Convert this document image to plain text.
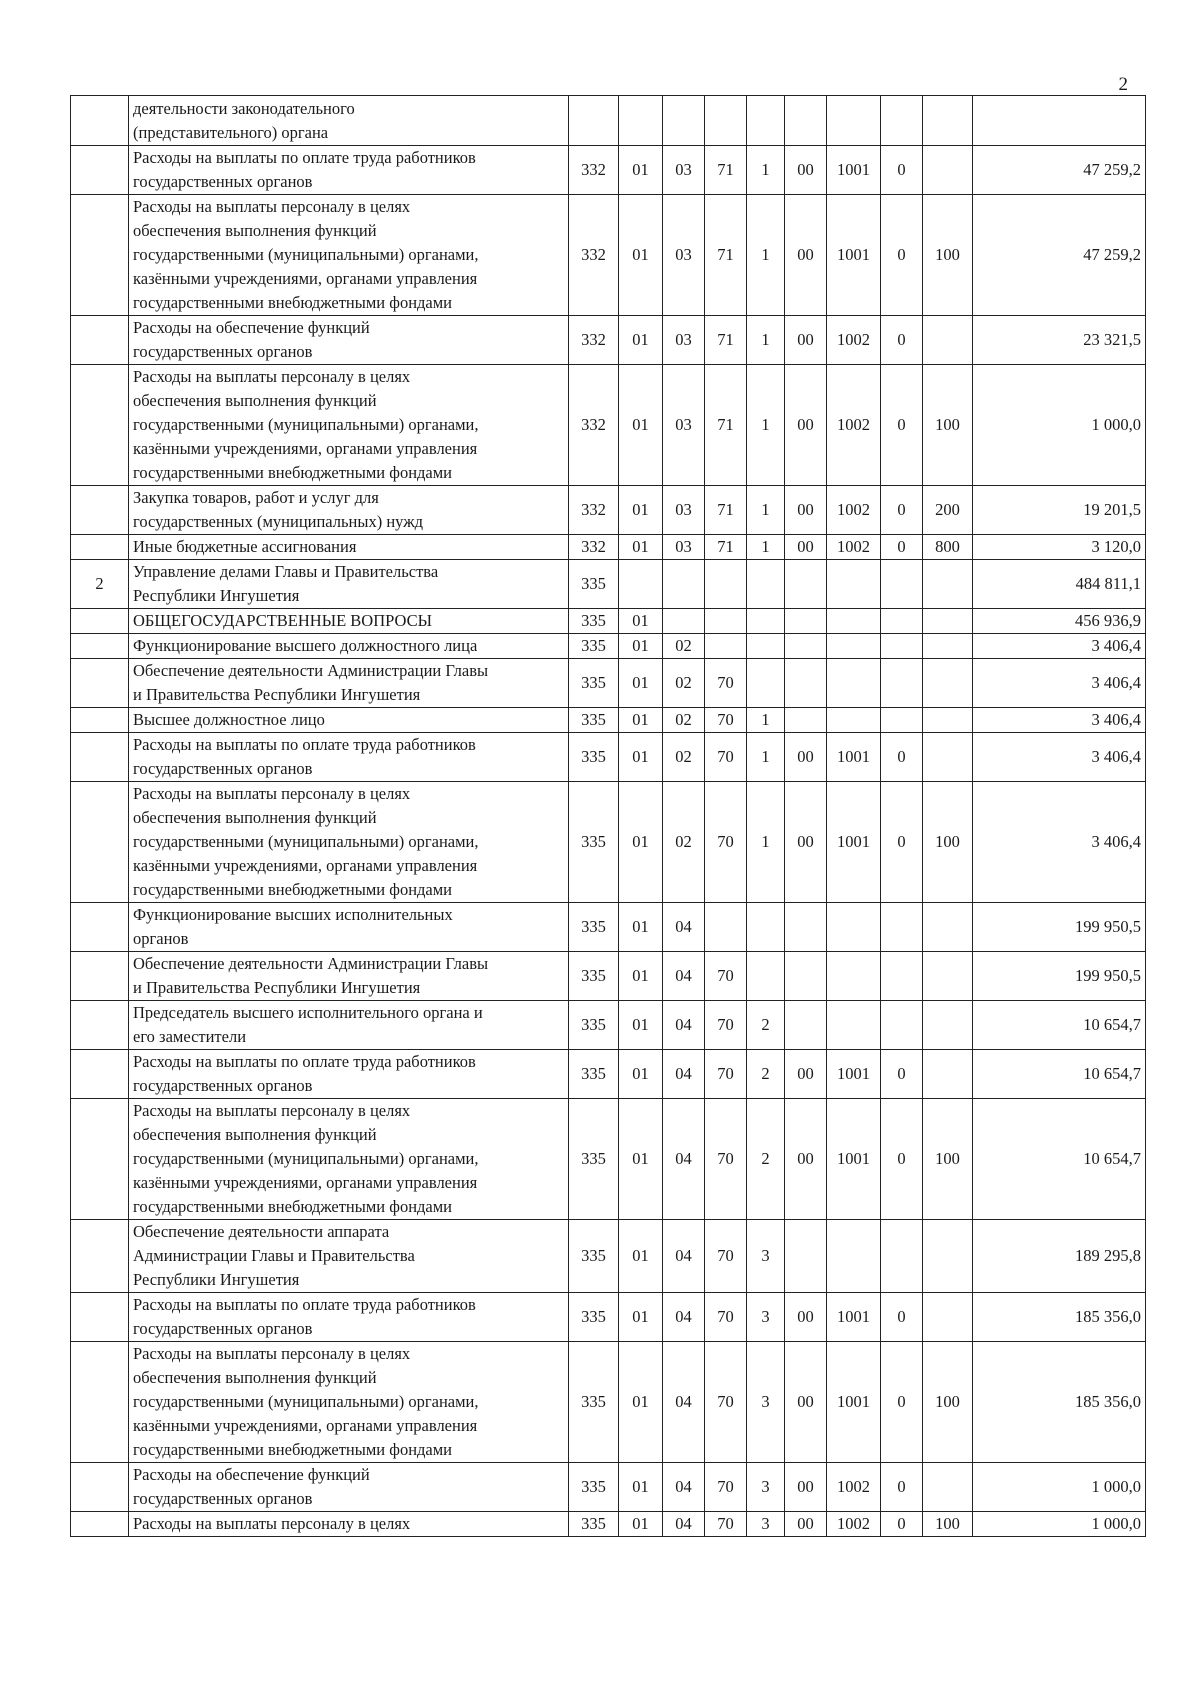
2
	деятельности законодательного
(представительного) органа										
	Расходы на выплаты по оплате труда работников
государственных органов	332	01	03	71	1	00	1001	0		47 259,2
	Расходы на выплаты персоналу в целях
обеспечения выполнения функций
государственными (муниципальными) органами,
казёнными учреждениями, органами управления
государственными внебюджетными фондами	332	01	03	71	1	00	1001	0	100	47 259,2
	Расходы на обеспечение функций
государственных органов	332	01	03	71	1	00	1002	0		23 321,5
	Расходы на выплаты персоналу в целях
обеспечения выполнения функций
государственными (муниципальными) органами,
казёнными учреждениями, органами управления
государственными внебюджетными фондами	332	01	03	71	1	00	1002	0	100	1 000,0
	Закупка товаров, работ и услуг для
государственных (муниципальных) нужд	332	01	03	71	1	00	1002	0	200	19 201,5
	Иные бюджетные ассигнования	332	01	03	71	1	00	1002	0	800	3 120,0
2	Управление делами Главы и Правительства
Республики Ингушетия	335									484 811,1
	ОБЩЕГОСУДАРСТВЕННЫЕ ВОПРОСЫ	335	01								456 936,9
	Функционирование высшего должностного лица	335	01	02							3 406,4
	Обеспечение деятельности Администрации Главы
и Правительства Республики Ингушетия	335	01	02	70						3 406,4
	Высшее должностное лицо	335	01	02	70	1					3 406,4
	Расходы на выплаты по оплате труда работников
государственных органов	335	01	02	70	1	00	1001	0		3 406,4
	Расходы на выплаты персоналу в целях
обеспечения выполнения функций
государственными (муниципальными) органами,
казёнными учреждениями, органами управления
государственными внебюджетными фондами	335	01	02	70	1	00	1001	0	100	3 406,4
	Функционирование высших исполнительных
органов	335	01	04							199 950,5
	Обеспечение деятельности Администрации Главы
и Правительства Республики Ингушетия	335	01	04	70						199 950,5
	Председатель высшего исполнительного органа и
его заместители	335	01	04	70	2					10 654,7
	Расходы на выплаты по оплате труда работников
государственных органов	335	01	04	70	2	00	1001	0		10 654,7
	Расходы на выплаты персоналу в целях
обеспечения выполнения функций
государственными (муниципальными) органами,
казёнными учреждениями, органами управления
государственными внебюджетными фондами	335	01	04	70	2	00	1001	0	100	10 654,7
	Обеспечение деятельности аппарата
Администрации Главы и Правительства
Республики Ингушетия	335	01	04	70	3					189 295,8
	Расходы на выплаты по оплате труда работников
государственных органов	335	01	04	70	3	00	1001	0		185 356,0
	Расходы на выплаты персоналу в целях
обеспечения выполнения функций
государственными (муниципальными) органами,
казёнными учреждениями, органами управления
государственными внебюджетными фондами	335	01	04	70	3	00	1001	0	100	185 356,0
	Расходы на обеспечение функций
государственных органов	335	01	04	70	3	00	1002	0		1 000,0
	Расходы на выплаты персоналу в целях	335	01	04	70	3	00	1002	0	100	1 000,0
